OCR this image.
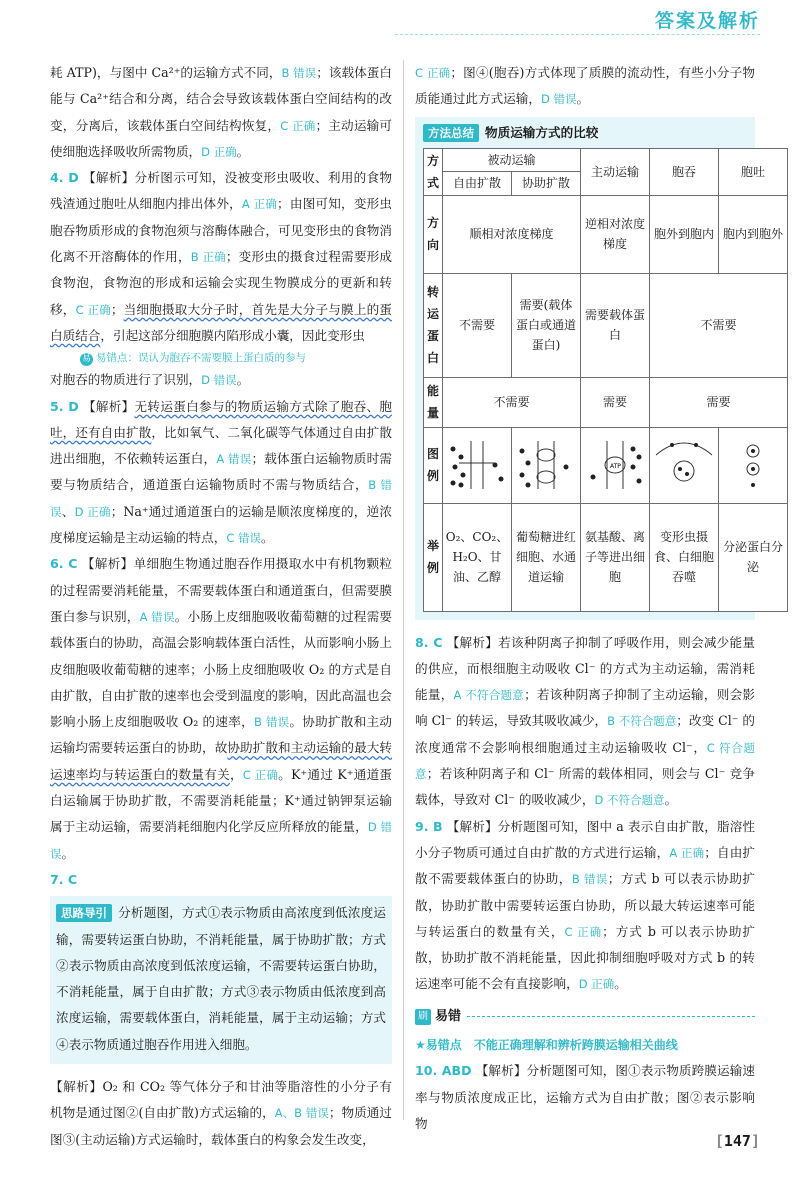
答案及解析

耗 ATP)，与图中 Ca²⁺的运输方式不同，B 错误；该载体蛋白能与 Ca²⁺结合和分离，结合会导致该载体蛋白空间结构的改变，分离后，该载体蛋白空间结构恢复，C 正确；主动运输可使细胞选择吸收所需物质，D 正确。

4. D 【解析】分析图示可知，没被变形虫吸收、利用的食物残渣通过胞吐从细胞内排出体外，A 正确；由图可知，变形虫胞吞物质形成的食物泡须与溶酶体融合，可见变形虫的食物消化离不开溶酶体的作用，B 正确；变形虫的摄食过程需要形成食物泡，食物泡的形成和运输会实现生物膜成分的更新和转移，C 正确；当细胞摄取大分子时，首先是大分子与膜上的蛋白质结合，引起这部分细胞膜内陷形成小囊，因此变形虫

易 易错点：误认为胞吞不需要膜上蛋白质的参与

对胞吞的物质进行了识别，D 错误。

5. D 【解析】无转运蛋白参与的物质运输方式除了胞吞、胞吐，还有自由扩散，比如氧气、二氧化碳等气体通过自由扩散进出细胞，不依赖转运蛋白，A 错误；载体蛋白运输物质时需要与物质结合，通道蛋白运输物质时不需与物质结合，B 错误、D 正确；Na⁺通过通道蛋白的运输是顺浓度梯度的，逆浓度梯度运输是主动运输的特点，C 错误。

6. C 【解析】单细胞生物通过胞吞作用摄取水中有机物颗粒的过程需要消耗能量，不需要载体蛋白和通道蛋白，但需要膜蛋白参与识别，A 错误。小肠上皮细胞吸收葡萄糖的过程需要载体蛋白的协助，高温会影响载体蛋白活性，从而影响小肠上皮细胞吸收葡萄糖的速率；小肠上皮细胞吸收 O₂ 的方式是自由扩散，自由扩散的速率也会受到温度的影响，因此高温也会影响小肠上皮细胞吸收 O₂ 的速率，B 错误。协助扩散和主动运输均需要转运蛋白的协助，故协助扩散和主动运输的最大转运速率均与转运蛋白的数量有关，C 正确。K⁺通过 K⁺通道蛋白运输属于协助扩散，不需要消耗能量；K⁺通过钠钾泵运输属于主动运输，需要消耗细胞内化学反应所释放的能量，D 错误。

7. C

思路导引 分析题图，方式①表示物质由高浓度到低浓度运输，需要转运蛋白协助，不消耗能量，属于协助扩散；方式②表示物质由高浓度到低浓度运输，不需要转运蛋白协助，不消耗能量，属于自由扩散；方式③表示物质由低浓度到高浓度运输，需要载体蛋白，消耗能量，属于主动运输；方式④表示物质通过胞吞作用进入细胞。

【解析】O₂ 和 CO₂ 等气体分子和甘油等脂溶性的小分子有机物是通过图②(自由扩散)方式运输的，A、B 错误；物质通过图③(主动运输)方式运输时，载体蛋白的构象会发生改变，

C 正确；图④(胞吞)方式体现了质膜的流动性，有些小分子物质能通过此方式运输，D 错误。

方法总结 物质运输方式的比较
方式	被动运输		主动运输	胞吞	胞吐
	自由扩散	协助扩散			
方向	顺相对浓度梯度		逆相对浓度梯度	胞外到胞内	胞内到胞外
转运蛋白	不需要	需要(载体蛋白或通道蛋白)	需要载体蛋白	不需要	
能量	不需要		需要	需要	
图例			ATP

举例	O₂、CO₂、H₂O、甘油、乙醇	葡萄糖进红细胞、水通道运输	氨基酸、离子等进出细胞	变形虫摄食、白细胞吞噬	分泌蛋白分泌

8. C 【解析】若该种阴离子抑制了呼吸作用，则会减少能量的供应，而根细胞主动吸收 Cl⁻ 的方式为主动运输，需消耗能量，A 不符合题意；若该种阴离子抑制了主动运输，则会影响 Cl⁻ 的转运，导致其吸收减少，B 不符合题意；改变 Cl⁻ 的浓度通常不会影响根细胞通过主动运输吸收 Cl⁻，C 符合题意；若该种阴离子和 Cl⁻ 所需的载体相同，则会与 Cl⁻ 竞争载体，导致对 Cl⁻ 的吸收减少，D 不符合题意。

9. B 【解析】分析题图可知，图中 a 表示自由扩散，脂溶性小分子物质可通过自由扩散的方式进行运输，A 正确；自由扩散不需要载体蛋白的协助，B 错误；方式 b 可以表示协助扩散，协助扩散中需要转运蛋白协助，所以最大转运速率可能与转运蛋白的数量有关，C 正确；方式 b 可以表示协助扩散，协助扩散不消耗能量，因此抑制细胞呼吸对方式 b 的转运速率可能不会有直接影响，D 正确。

刷 易错

★易错点　不能正确理解和辨析跨膜运输相关曲线

10. ABD 【解析】分析题图可知，图①表示物质跨膜运输速率与物质浓度成正比，运输方式为自由扩散；图②表示影响物

[147]
